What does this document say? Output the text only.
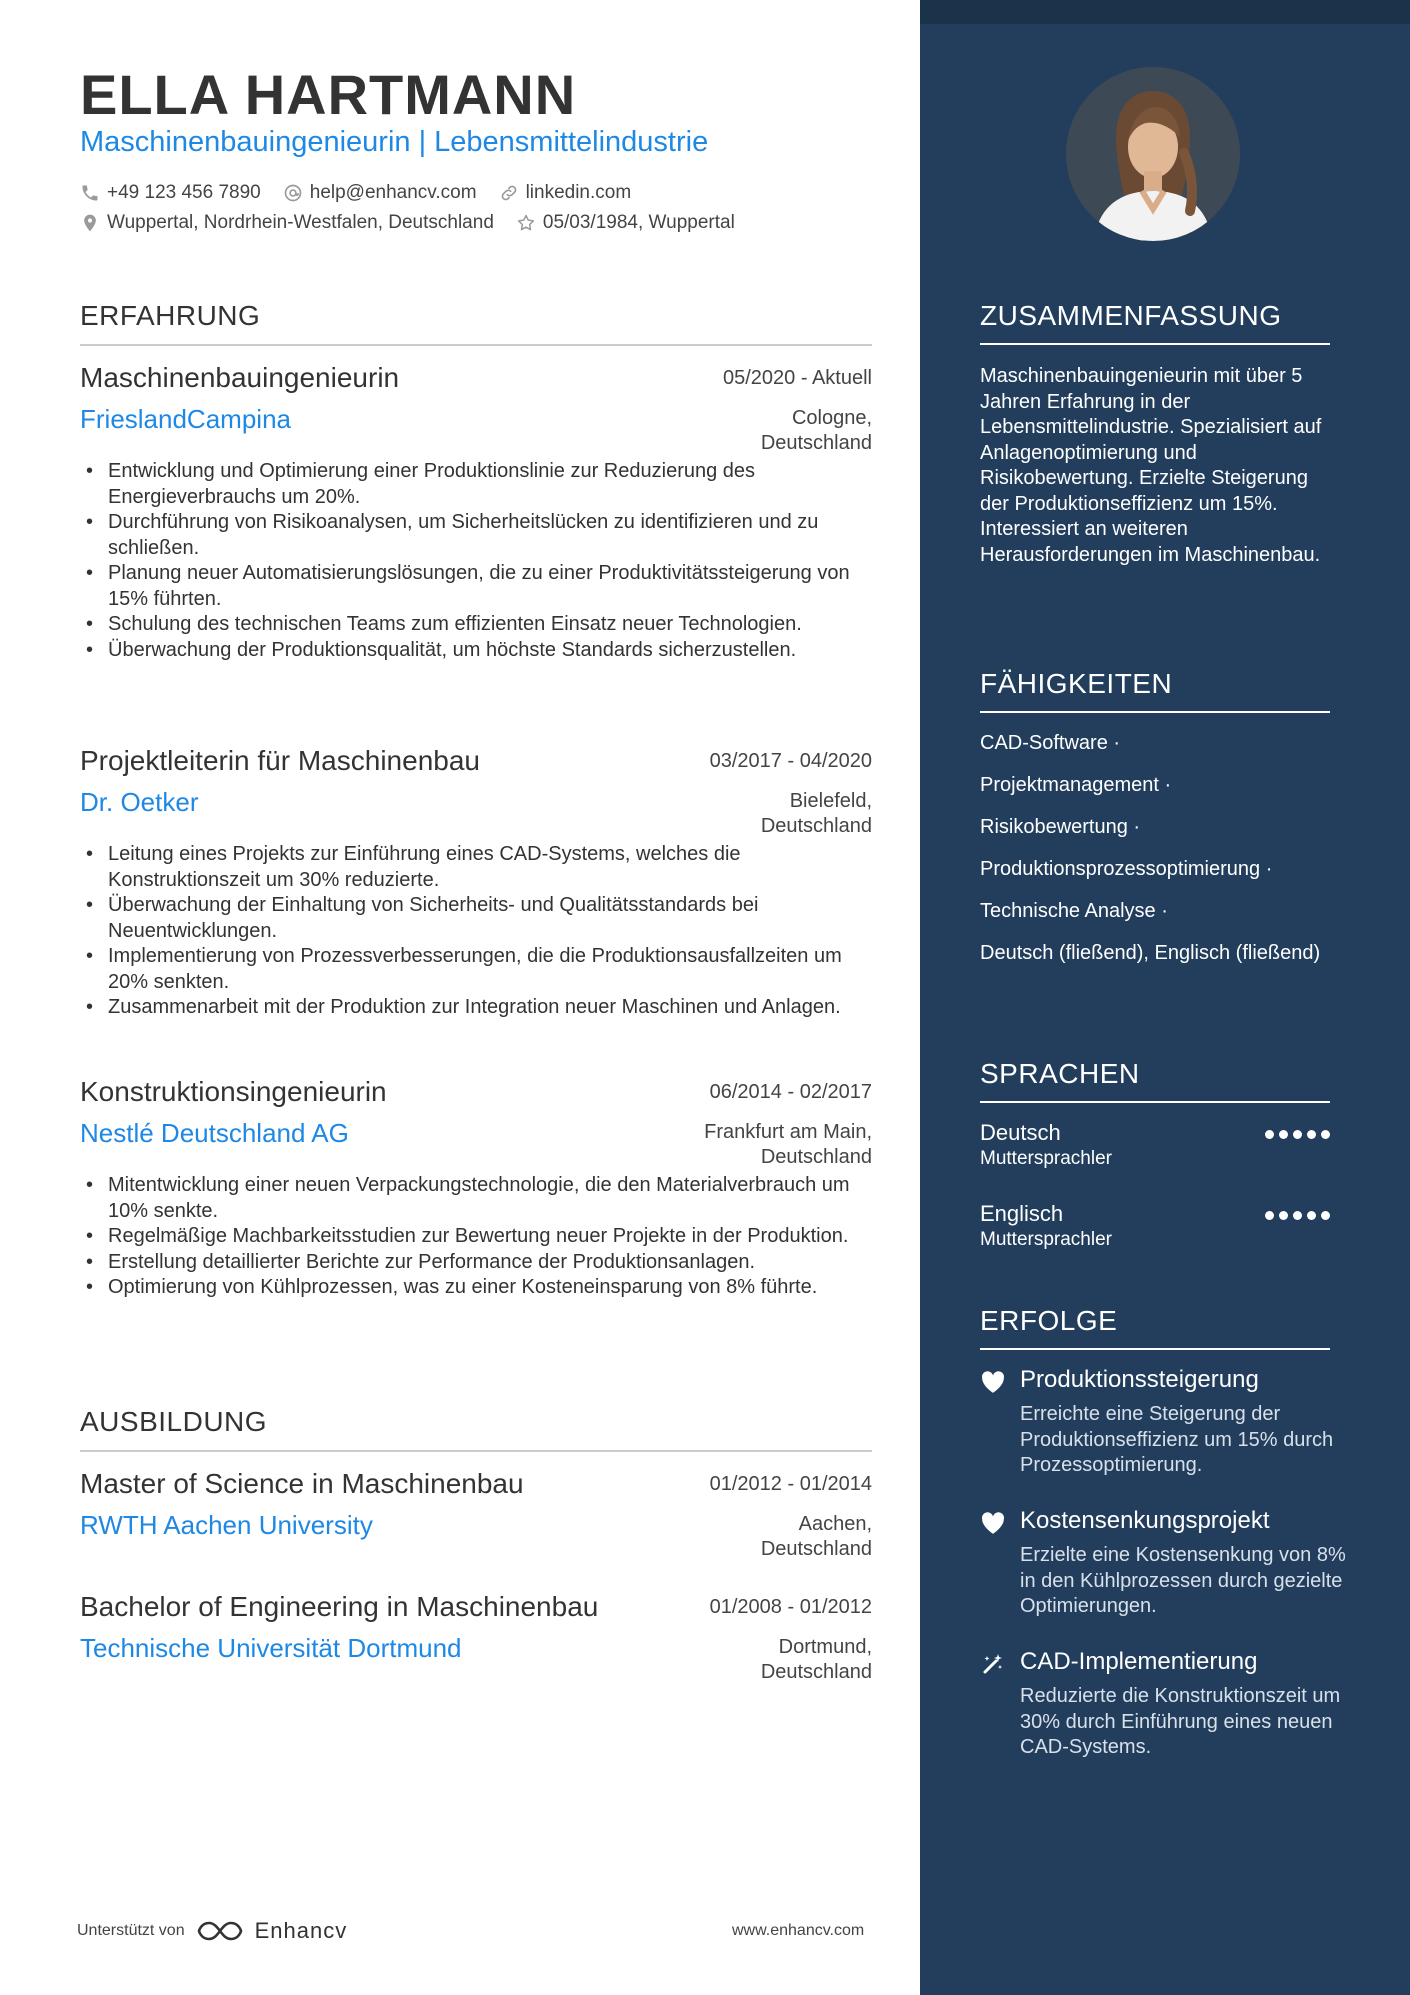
ELLA HARTMANN
Maschinenbauingenieurin | Lebensmittelindustrie
+49 123 456 7890	help@enhancv.com	linkedin.com
Wuppertal, Nordrhein-Westfalen, Deutschland	05/03/1984, Wuppertal
ERFAHRUNG
Maschinenbauingenieurin	05/2020 - Aktuell
FrieslandCampina	Cologne,
Deutschland
• Entwicklung und Optimierung einer Produktionslinie zur Reduzierung des Energieverbrauchs um 20%.
• Durchführung von Risikoanalysen, um Sicherheitslücken zu identifizieren und zu schließen.
• Planung neuer Automatisierungslösungen, die zu einer Produktivitätssteigerung von 15% führten.
• Schulung des technischen Teams zum effizienten Einsatz neuer Technologien.
• Überwachung der Produktionsqualität, um höchste Standards sicherzustellen.
Projektleiterin für Maschinenbau	03/2017 - 04/2020
Dr. Oetker	Bielefeld,
Deutschland
• Leitung eines Projekts zur Einführung eines CAD-Systems, welches die Konstruktionszeit um 30% reduzierte.
• Überwachung der Einhaltung von Sicherheits- und Qualitätsstandards bei Neuentwicklungen.
• Implementierung von Prozessverbesserungen, die die Produktionsausfallzeiten um 20% senkten.
• Zusammenarbeit mit der Produktion zur Integration neuer Maschinen und Anlagen.
Konstruktionsingenieurin	06/2014 - 02/2017
Nestlé Deutschland AG	Frankfurt am Main,
Deutschland
• Mitentwicklung einer neuen Verpackungstechnologie, die den Materialverbrauch um 10% senkte.
• Regelmäßige Machbarkeitsstudien zur Bewertung neuer Projekte in der Produktion.
• Erstellung detaillierter Berichte zur Performance der Produktionsanlagen.
• Optimierung von Kühlprozessen, was zu einer Kosteneinsparung von 8% führte.
AUSBILDUNG
Master of Science in Maschinenbau	01/2012 - 01/2014
RWTH Aachen University	Aachen,
Deutschland
Bachelor of Engineering in Maschinenbau	01/2008 - 01/2012
Technische Universität Dortmund	Dortmund,
Deutschland
Unterstützt von	Enhancv	www.enhancv.com
ZUSAMMENFASSUNG
Maschinenbauingenieurin mit über 5 Jahren Erfahrung in der Lebensmittelindustrie. Spezialisiert auf Anlagenoptimierung und Risikobewertung. Erzielte Steigerung der Produktionseffizienz um 15%. Interessiert an weiteren Herausforderungen im Maschinenbau.
FÄHIGKEITEN
CAD-Software ·
Projektmanagement ·
Risikobewertung ·
Produktionsprozessoptimierung ·
Technische Analyse ·
Deutsch (fließend), Englisch (fließend)
SPRACHEN
Deutsch
Muttersprachler
Englisch
Muttersprachler
ERFOLGE
Produktionssteigerung
Erreichte eine Steigerung der Produktionseffizienz um 15% durch Prozessoptimierung.
Kostensenkungsprojekt
Erzielte eine Kostensenkung von 8% in den Kühlprozessen durch gezielte Optimierungen.
CAD-Implementierung
Reduzierte die Konstruktionszeit um 30% durch Einführung eines neuen CAD-Systems.
